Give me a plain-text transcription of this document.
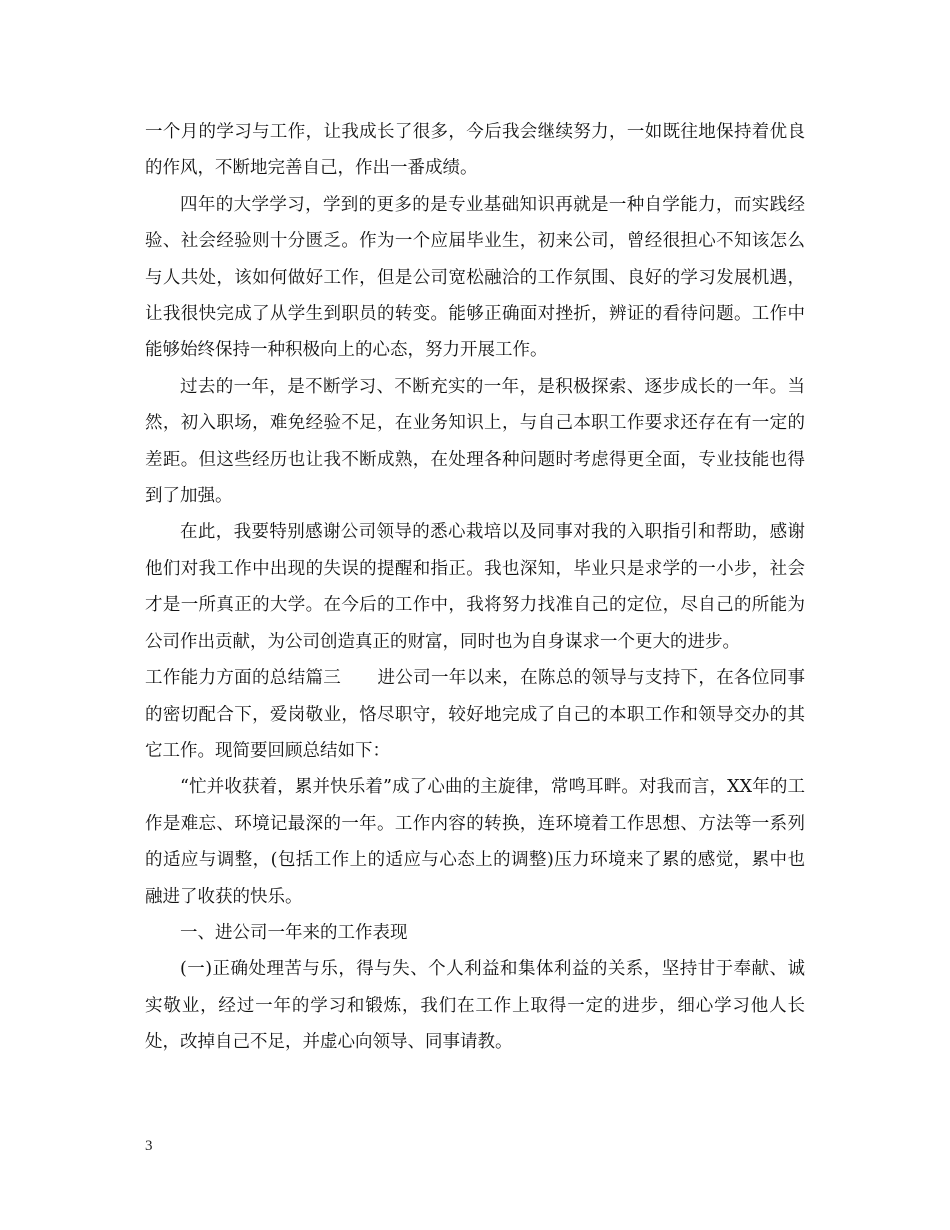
一个月的学习与工作，让我成长了很多，今后我会继续努力，一如既往地保持着优良的作风，不断地完善自己，作出一番成绩。

四年的大学学习，学到的更多的是专业基础知识再就是一种自学能力，而实践经验、社会经验则十分匮乏。作为一个应届毕业生，初来公司，曾经很担心不知该怎么与人共处，该如何做好工作，但是公司宽松融洽的工作氛围、良好的学习发展机遇，让我很快完成了从学生到职员的转变。能够正确面对挫折，辨证的看待问题。工作中能够始终保持一种积极向上的心态，努力开展工作。

过去的一年，是不断学习、不断充实的一年，是积极探索、逐步成长的一年。当然，初入职场，难免经验不足，在业务知识上，与自己本职工作要求还存在有一定的差距。但这些经历也让我不断成熟，在处理各种问题时考虑得更全面，专业技能也得到了加强。

在此，我要特别感谢公司领导的悉心栽培以及同事对我的入职指引和帮助，感谢他们对我工作中出现的失误的提醒和指正。我也深知，毕业只是求学的一小步，社会才是一所真正的大学。在今后的工作中，我将努力找准自己的定位，尽自己的所能为公司作出贡献，为公司创造真正的财富，同时也为自身谋求一个更大的进步。

工作能力方面的总结篇三 进公司一年以来，在陈总的领导与支持下，在各位同事的密切配合下，爱岗敬业，恪尽职守，较好地完成了自己的本职工作和领导交办的其它工作。现简要回顾总结如下：

“忙并收获着，累并快乐着”成了心曲的主旋律，常鸣耳畔。对我而言，XX年的工作是难忘、环境记最深的一年。工作内容的转换，连环境着工作思想、方法等一系列的适应与调整，(包括工作上的适应与心态上的调整)压力环境来了累的感觉，累中也融进了收获的快乐。

一、进公司一年来的工作表现

(一)正确处理苦与乐，得与失、个人利益和集体利益的关系，坚持甘于奉献、诚实敬业，经过一年的学习和锻炼，我们在工作上取得一定的进步，细心学习他人长处，改掉自己不足，并虚心向领导、同事请教。

3
